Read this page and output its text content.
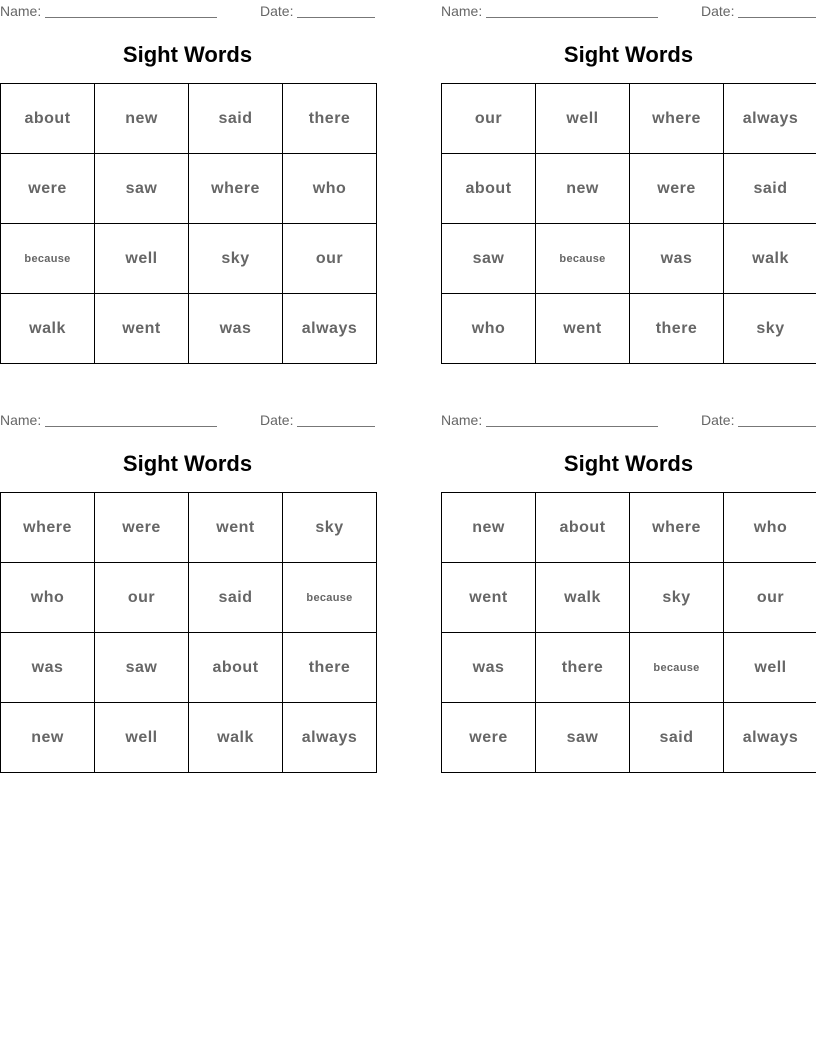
Name:	Date:
Sight Words
about	new	said	there
were	saw	where	who
because	well	sky	our
walk	went	was	always
Name:	Date:
Sight Words
our	well	where	always
about	new	were	said
saw	because	was	walk
who	went	there	sky
Name:	Date:
Sight Words
where	were	went	sky
who	our	said	because
was	saw	about	there
new	well	walk	always
Name:	Date:
Sight Words
new	about	where	who
went	walk	sky	our
was	there	because	well
were	saw	said	always
